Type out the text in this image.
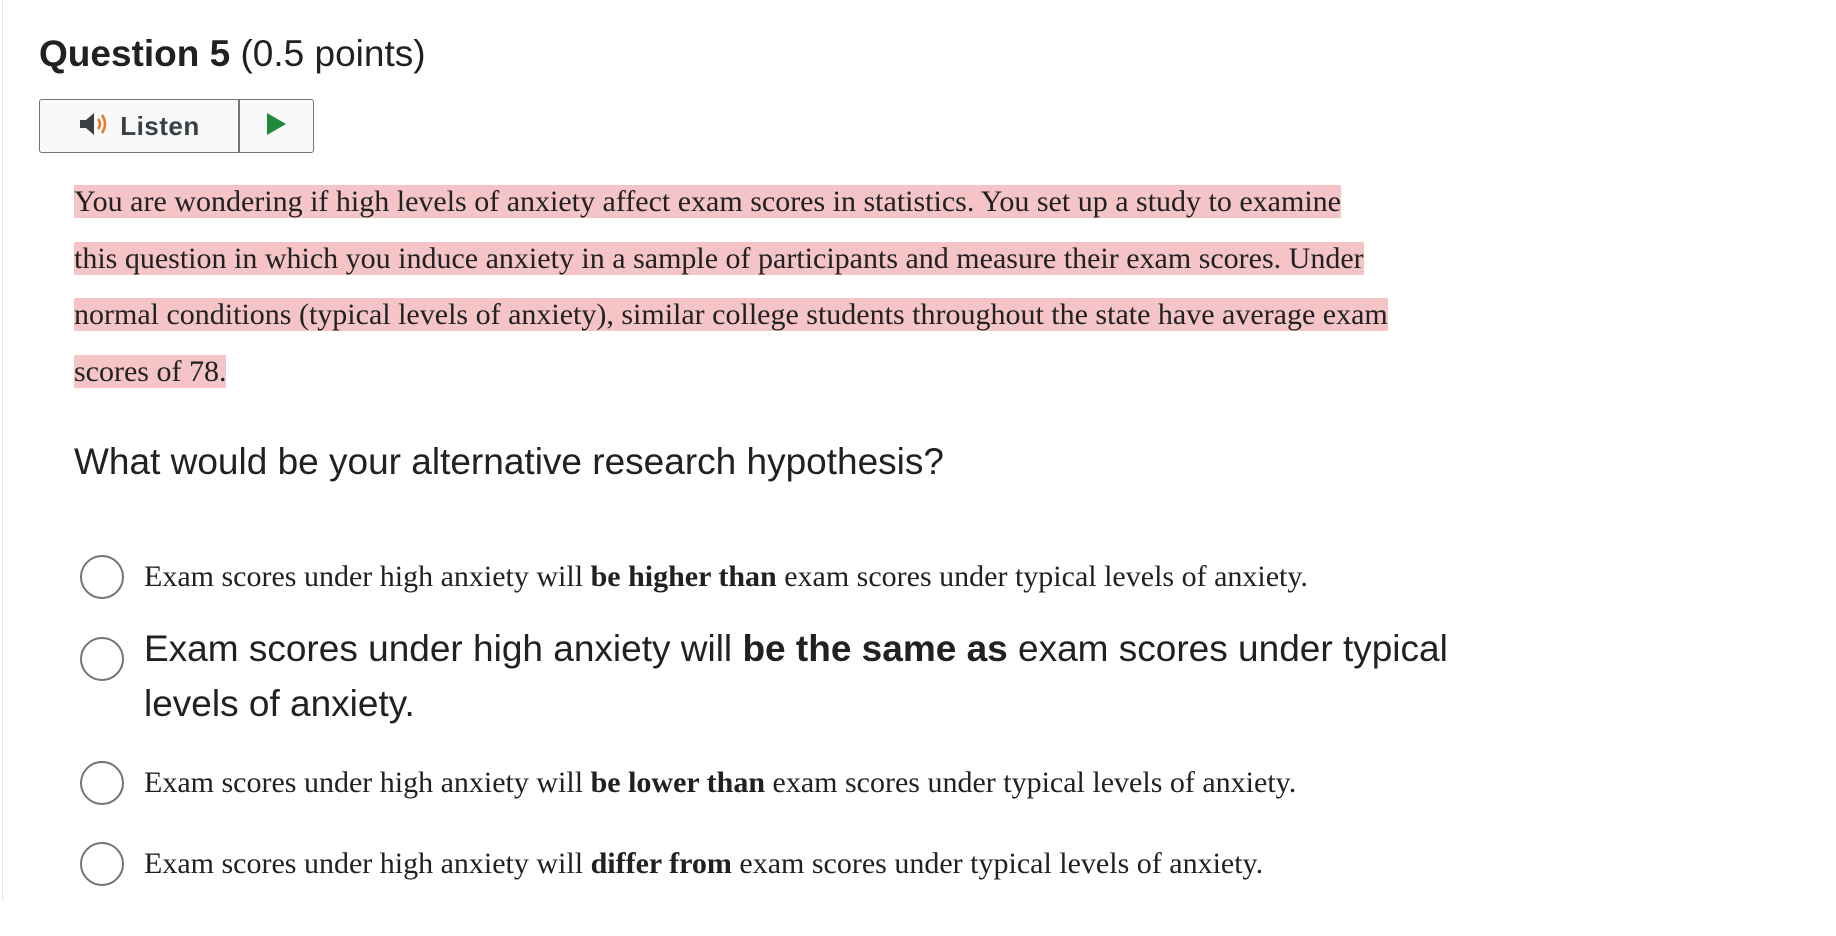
Question 5 (0.5 points)
Listen
You are wondering if high levels of anxiety affect exam scores in statistics. You set up a study to examine
this question in which you induce anxiety in a sample of participants and measure their exam scores. Under
normal conditions (typical levels of anxiety), similar college students throughout the state have average exam
scores of 78.

What would be your alternative research hypothesis?

Exam scores under high anxiety will be higher than exam scores under typical levels of anxiety.
Exam scores under high anxiety will be the same as exam scores under typical
levels of anxiety.
Exam scores under high anxiety will be lower than exam scores under typical levels of anxiety.
Exam scores under high anxiety will differ from exam scores under typical levels of anxiety.
